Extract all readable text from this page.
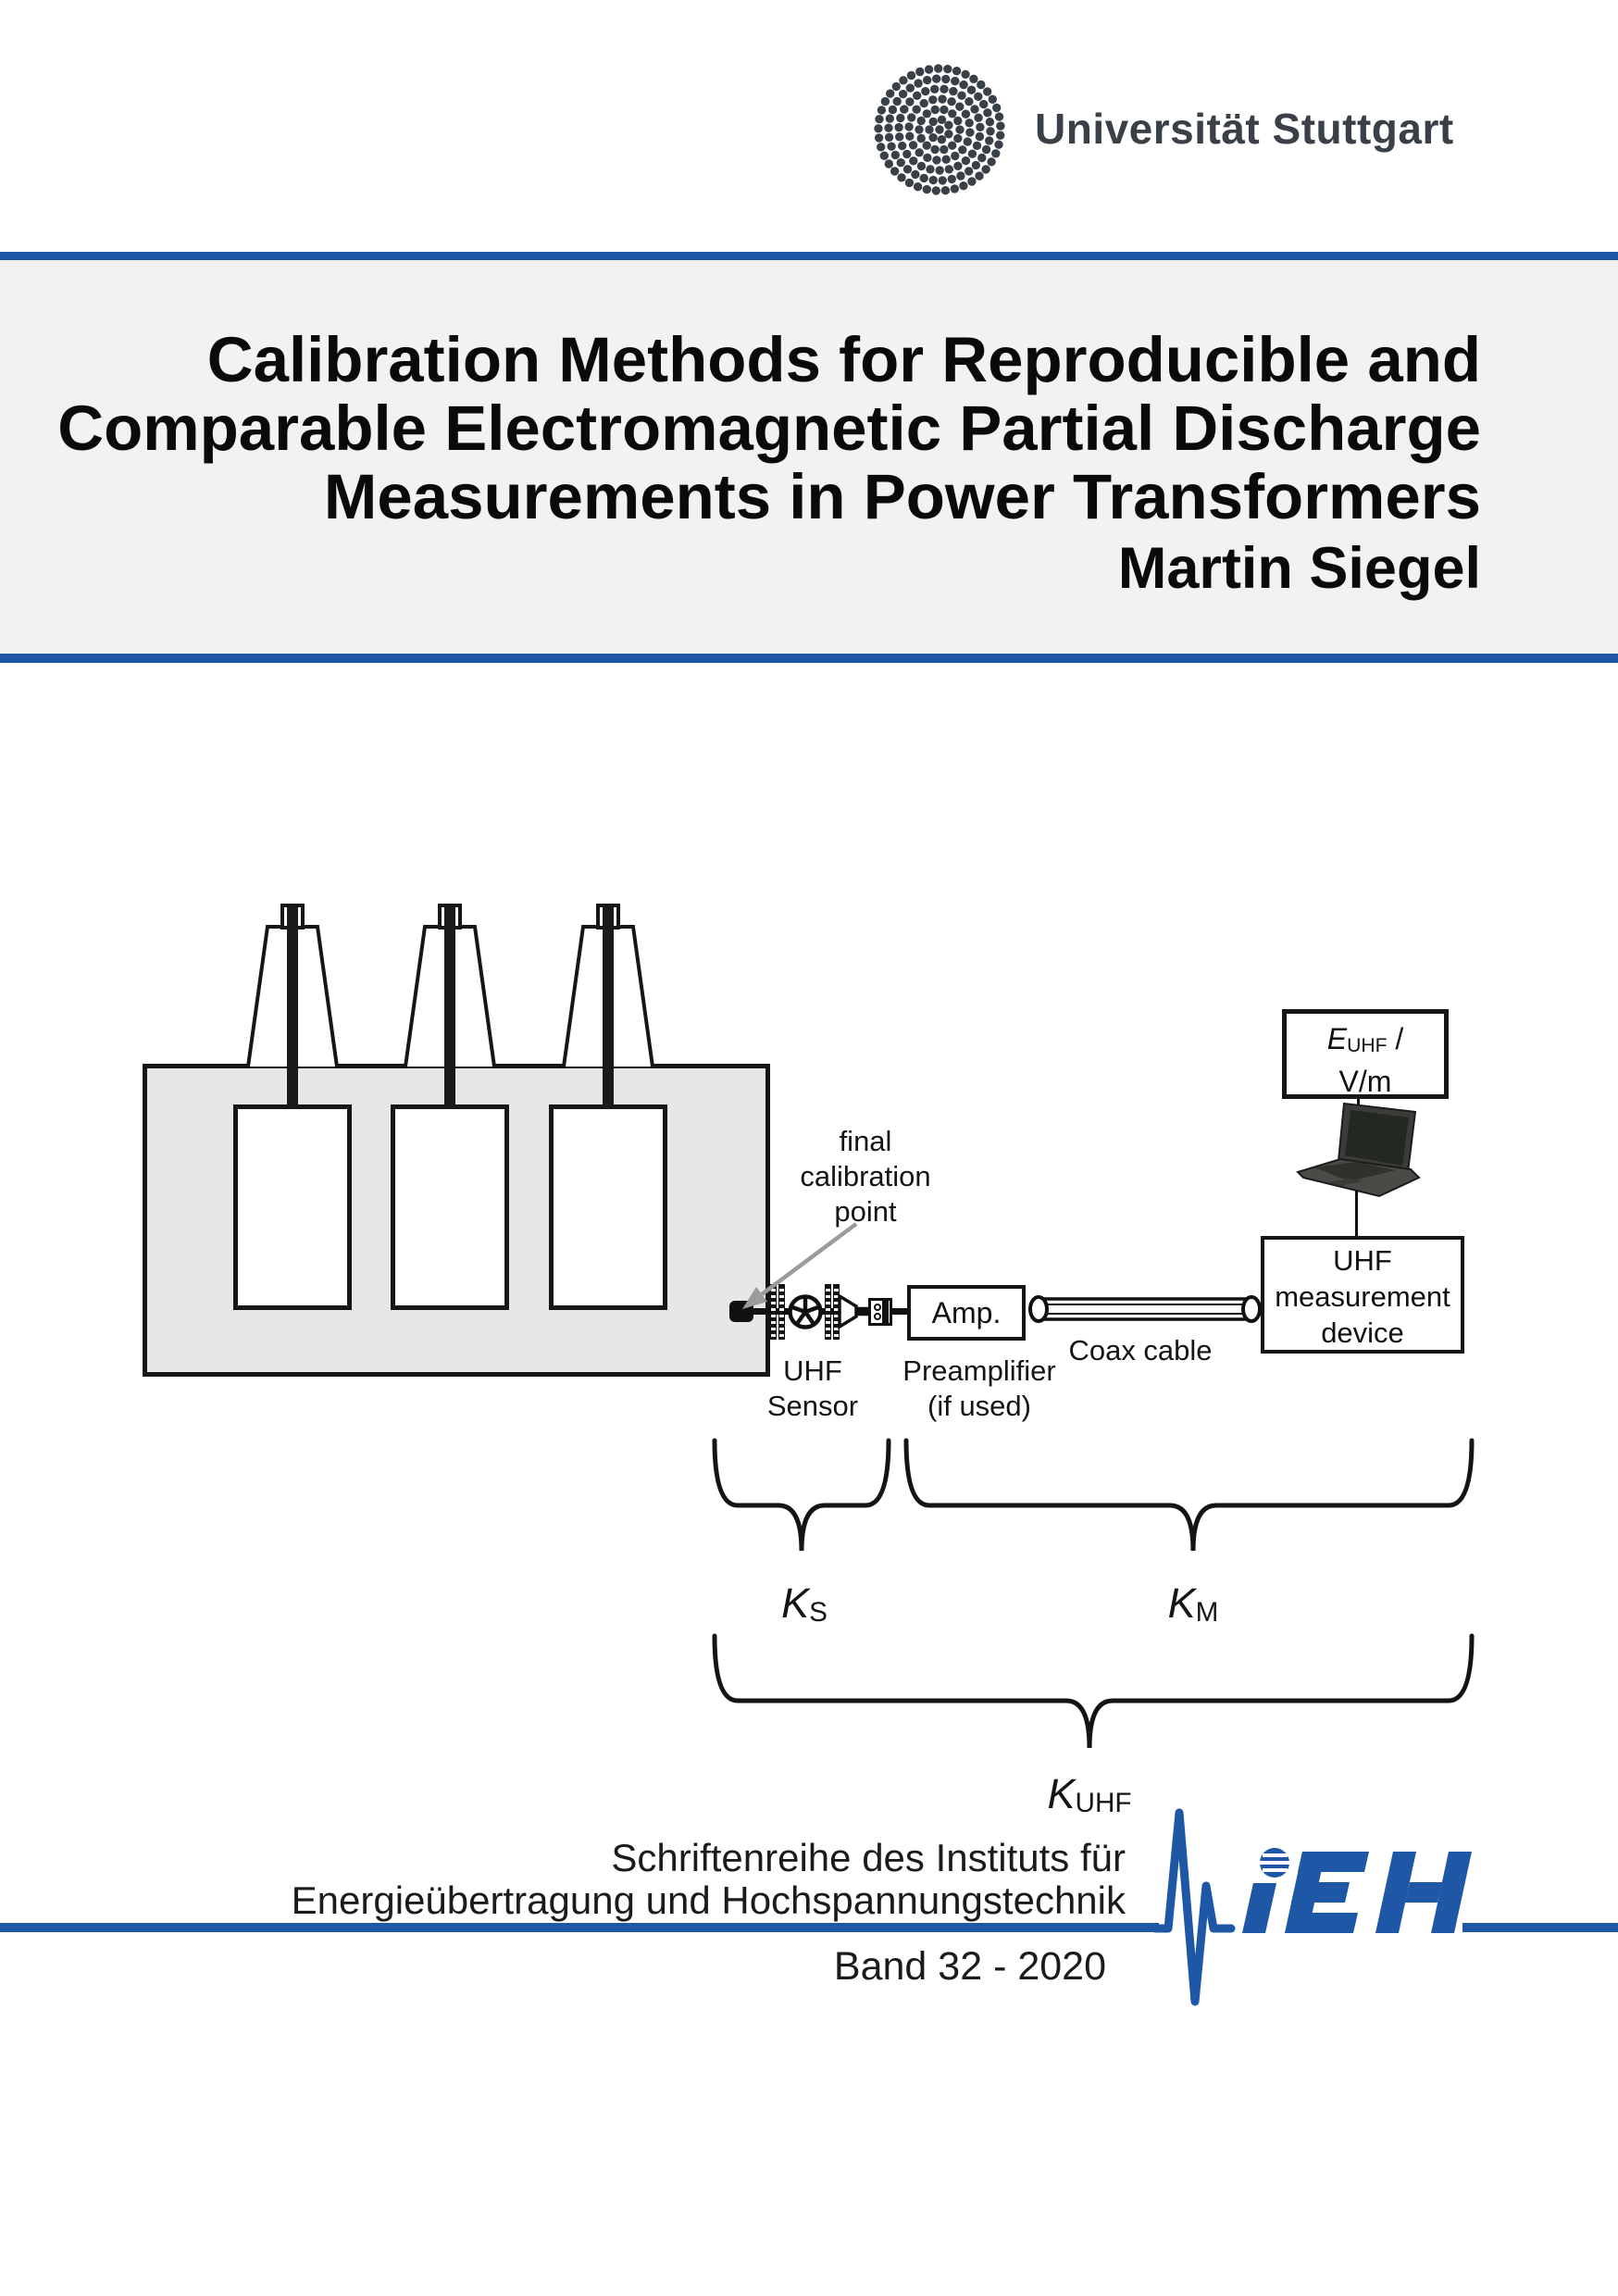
Universität Stuttgart
Calibration Methods for Reproducible and
Comparable Electromagnetic Partial Discharge
Measurements in Power Transformers
Martin Siegel
Amp.
UHF
measurement
device
EUHF /
V/m
final
calibration
point
UHF
Sensor
Preamplifier
(if used)
Coax cable
KS	KM
KUHF
Schriftenreihe des Instituts für
Energieübertragung und Hochspannungstechnik
Band 32 - 2020
